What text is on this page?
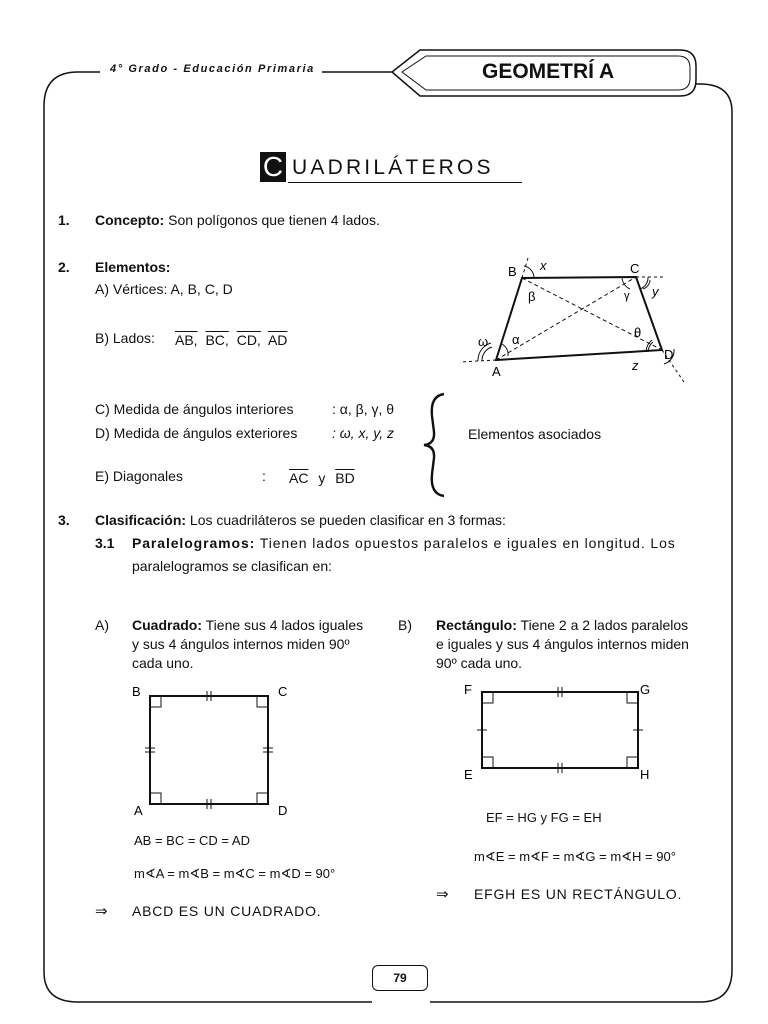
4° Grado - Educación Primaria	GEOMETRÍ A
C UADRILÁTEROS
1. Concepto: Son polígonos que tienen 4 lados.
2. Elementos:
A) Vértices: A, B, C, D
B) Lados: AB, BC, CD, $\overline{AD}$
C) Medida de ángulos interiores	: α, β, γ, θ
D) Medida de ángulos exteriores : ω, x, y, z
E) Diagonales	: $\overline{AC}$ y $\overline{BD}$
Elementos asociados
A
B	C
D
x
y
z
α
β	γ
θ
ω
3. Clasificación: Los cuadriláteros se pueden clasificar en 3 formas:
3.1 Paralelogramos: Tienen lados opuestos paralelos e iguales en longitud. Los
paralelogramos se clasifican en:
A) Cuadrado: Tiene sus 4 lados iguales
y sus 4 ángulos internos miden 90º
cada uno.
B	C
A	D
AB = BC = CD = AD
m∢A = m∢B = m∢C = m∢D = 90°
⇒ ABCD ES UN CUADRADO.
B) Rectángulo: Tiene 2 a 2 lados paralelos
e iguales y sus 4 ángulos internos miden
90º cada uno.
F	G
E	H
EF = HG y FG = EH
m∢E = m∢F = m∢G = m∢H = 90°
⇒ EFGH ES UN RECTÁNGULO.
79
